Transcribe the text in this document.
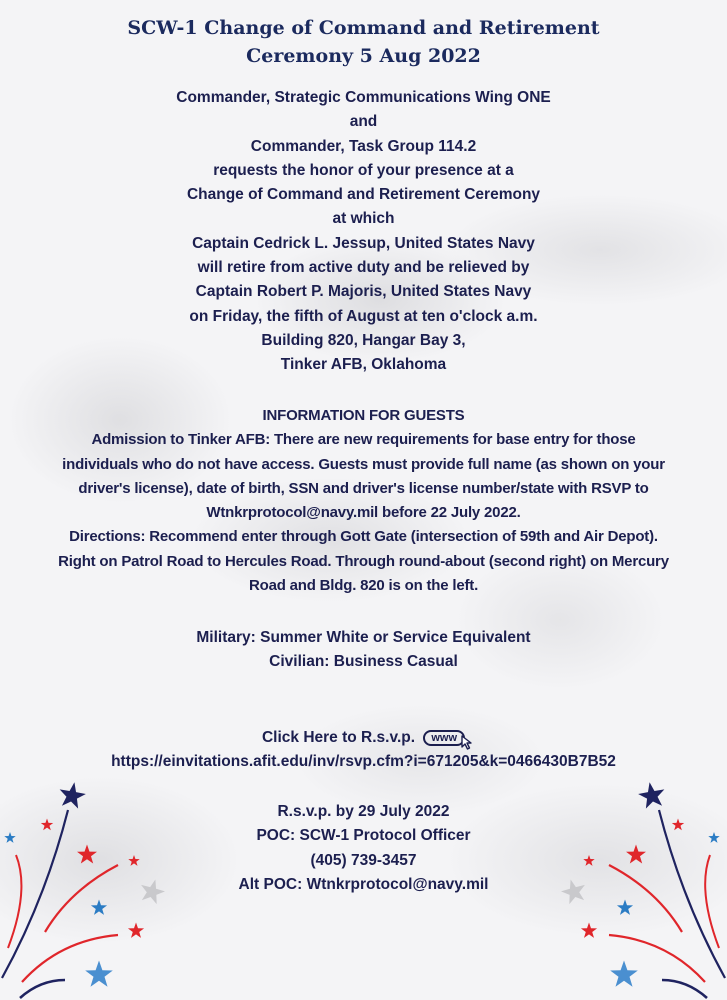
SCW-1 Change of Command and Retirement
Ceremony 5 Aug 2022
Commander, Strategic Communications Wing ONE
and
Commander, Task Group 114.2
requests the honor of your presence at a
Change of Command and Retirement Ceremony
at which
Captain Cedrick L. Jessup, United States Navy
will retire from active duty and be relieved by
Captain Robert P. Majoris, United States Navy
on Friday, the fifth of August at ten o'clock a.m.
Building 820, Hangar Bay 3,
Tinker AFB, Oklahoma
INFORMATION FOR GUESTS
Admission to Tinker AFB: There are new requirements for base entry for those
individuals who do not have access. Guests must provide full name (as shown on your
driver's license), date of birth, SSN and driver's license number/state with RSVP to
Wtnkrprotocol@navy.mil before 22 July 2022.
Directions: Recommend enter through Gott Gate (intersection of 59th and Air Depot).
Right on Patrol Road to Hercules Road. Through round-about (second right) on Mercury
Road and Bldg. 820 is on the left.
Military: Summer White or Service Equivalent
Civilian: Business Casual
Click Here to R.s.v.p. www
https://einvitations.afit.edu/inv/rsvp.cfm?i=671205&k=0466430B7B52
R.s.v.p. by 29 July 2022
POC: SCW-1 Protocol Officer
(405) 739-3457
Alt POC: Wtnkrprotocol@navy.mil
